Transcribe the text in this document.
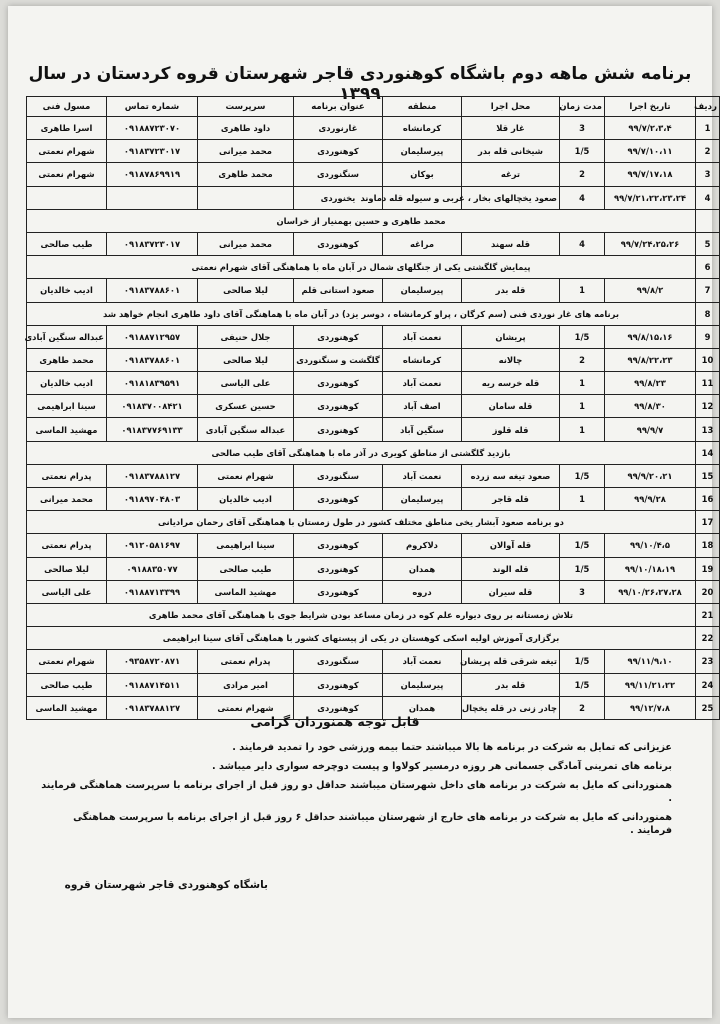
برنامه شش ماهه دوم باشگاه کوهنوردی قاجر شهرستان قروه کردستان در سال ۱۳۹۹
ردیف	تاریخ اجرا	مدت زمان	محل اجرا	منطقه	عنوان برنامه	سرپرست	شماره تماس	مسول فنی
1	۹۹/۷/۲،۳،۴	3	غار قلا	کرمانشاه	غارنوردی	داود طاهری	۰۹۱۸۸۷۲۳۰۷۰	اسرا طاهری
2	۹۹/۷/۱۰،۱۱	1/5	شیخانی قله بدر	پیرسلیمان	کوهنوردی	محمد میرانی	۰۹۱۸۳۷۲۳۰۱۷	شهرام نعمتی
3	۹۹/۷/۱۷،۱۸	2	ترغه	بوکان	سنگنوردی	محمد طاهری	۰۹۱۸۷۸۶۹۹۱۹	شهرام نعمتی
4	۹۹/۷/۲۱،۲۲،۲۳،۲۴	4	صعود یخچالهای بخار ، غربی و سیوله قله دماوند		یخنوردی			
	محمد طاهری و حسین بهمنیار از خراسان							
5	۹۹/۷/۲۴،۲۵،۲۶	4	قله سهند	مراغه	کوهنوردی	محمد میرانی	۰۹۱۸۳۷۲۳۰۱۷	طیب صالحی
6	پیمایش گلگشتی یکی از جنگلهای شمال در آبان ماه با هماهنگی آقای شهرام نعمتی							
7	۹۹/۸/۲	1	قله بدر	پیرسلیمان	صعود استانی قلم	لیلا صالحی	۰۹۱۸۳۷۸۸۶۰۱	ادیب خالدیان
8	برنامه های غار نوردی فنی (سم کرگان ، پراو کرمانشاه ، دوسر یزد) در آبان ماه با هماهنگی آقای داود طاهری انجام خواهد شد							
9	۹۹/۸/۱۵،۱۶	1/5	پریشان	نعمت آباد	کوهنوردی	جلال حنیفی	۰۹۱۸۸۷۱۲۹۵۷	عبداله سنگین آبادی
10	۹۹/۸/۲۲،۲۳	2	چالانه	کرمانشاه	گلگشت و سنگنوردی	لیلا صالحی	۰۹۱۸۳۷۸۸۶۰۱	محمد طاهری
11	۹۹/۸/۲۳	1	قله خرسه ریه	نعمت آباد	کوهنوردی	علی الیاسی	۰۹۱۸۱۸۳۹۵۹۱	ادیب خالدیان
12	۹۹/۸/۳۰	1	قله سامان	اصف آباد	کوهنوردی	حسین عسکری	۰۹۱۸۳۷۰۰۸۴۲۱	سینا ابراهیمی
13	۹۹/۹/۷	1	قله قلوز	سنگین آباد	کوهنوردی	عبداله سنگین آبادی	۰۹۱۸۳۷۷۶۹۱۳۳	مهشید الماسی
14	بازدید گلگشتی از مناطق کویری در آذر ماه با هماهنگی آقای طیب صالحی							
15	۹۹/۹/۲۰،۲۱	1/5	صعود تیغه سه زرده	نعمت آباد	سنگنوردی	شهرام نعمتی	۰۹۱۸۳۷۸۸۱۲۷	پدرام نعمتی
16	۹۹/۹/۲۸	1	قله قاجر	پیرسلیمان	کوهنوردی	ادیب خالدیان	۰۹۱۸۹۷۰۴۸۰۳	محمد میرانی
17	دو برنامه صعود آبشار یخی مناطق مختلف کشور در طول زمستان با هماهنگی آقای رحمان مرادیانی							
18	۹۹/۱۰/۴،۵	1/5	قله آوالان	دلاکروم	کوهنوردی	سینا ابراهیمی	۰۹۱۲۰۵۸۱۶۹۷	پدرام نعمتی
19	۹۹/۱۰/۱۸،۱۹	1/5	قله الوند	همدان	کوهنوردی	طیب صالحی	۰۹۱۸۸۳۵۰۷۷	لیلا صالحی
20	۹۹/۱۰/۲۶،۲۷،۲۸	3	قله سیران	دروه	کوهنوردی	مهشید الماسی	۰۹۱۸۸۷۱۳۳۹۹	علی الیاسی
21	تلاش زمستانه بر روی دیواره علم کوه در زمان مساعد بودن شرایط جوی با هماهنگی آقای محمد طاهری							
22	برگزاری آموزش اولیه اسکی کوهستان در یکی از پیستهای کشور با هماهنگی آقای سینا ابراهیمی							
23	۹۹/۱۱/۹،۱۰	1/5	تیغه شرقی قله پریشان	نعمت آباد	سنگنوردی	پدرام نعمتی	۰۹۳۵۸۷۲۰۸۷۱	شهرام نعمتی
24	۹۹/۱۱/۲۱،۲۲	1/5	قله بدر	پیرسلیمان	کوهنوردی	امیر مرادی	۰۹۱۸۸۷۱۴۵۱۱	طیب صالحی
25	۹۹/۱۲/۷،۸	2	چادر زنی در قله یخچال	همدان	کوهنوردی	شهرام نعمتی	۰۹۱۸۳۷۸۸۱۲۷	مهشید الماسی
قابل توجه همنوردان گرامی

عزیزانی که تمایل به شرکت در برنامه ها بالا میباشند حتما بیمه ورزشی خود را تمدید فرمایند .

برنامه های تمرینی آمادگی جسمانی هر روزه درمسیر کولاوا و پیست دوچرخه سواری دایر میباشد .

همنوردانی که مایل به شرکت در برنامه های داخل شهرستان میباشند حداقل دو روز قبل از اجرای برنامه با سرپرست هماهنگی فرمایند .

همنوردانی که مایل به شرکت در برنامه های خارج از شهرستان میباشند حداقل ۶ روز قبل از اجرای برنامه با سرپرست هماهنگی فرمایند .

باشگاه کوهنوردی قاجر شهرستان قروه
